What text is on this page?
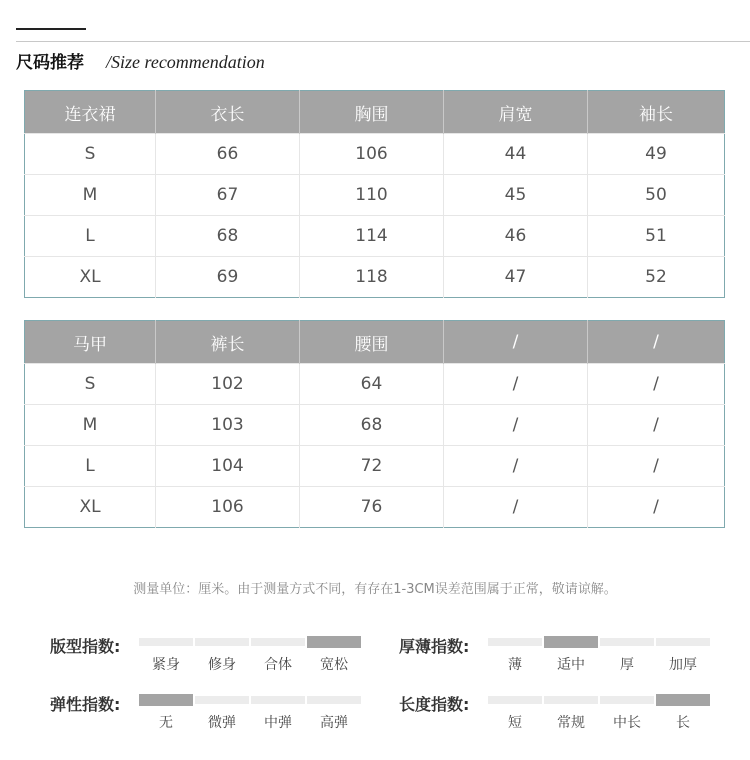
尺码推荐 /Size recommendation
连衣裙	衣长	胸围	肩宽	袖长
S	66	106	44	49
M	67	110	45	50
L	68	114	46	51
XL	69	118	47	52
马甲	裤长	腰围	/	/
S	102	64	/	/
M	103	68	/	/
L	104	72	/	/
XL	106	76	/	/
测量单位：厘米。由于测量方式不同，有存在1-3CM误差范围属于正常，敬请谅解。
版型指数:
紧身	修身	合体	宽松
厚薄指数:
薄	适中	厚	加厚
弹性指数:
无	微弹	中弹	高弹
长度指数:
短	常规	中长	长
